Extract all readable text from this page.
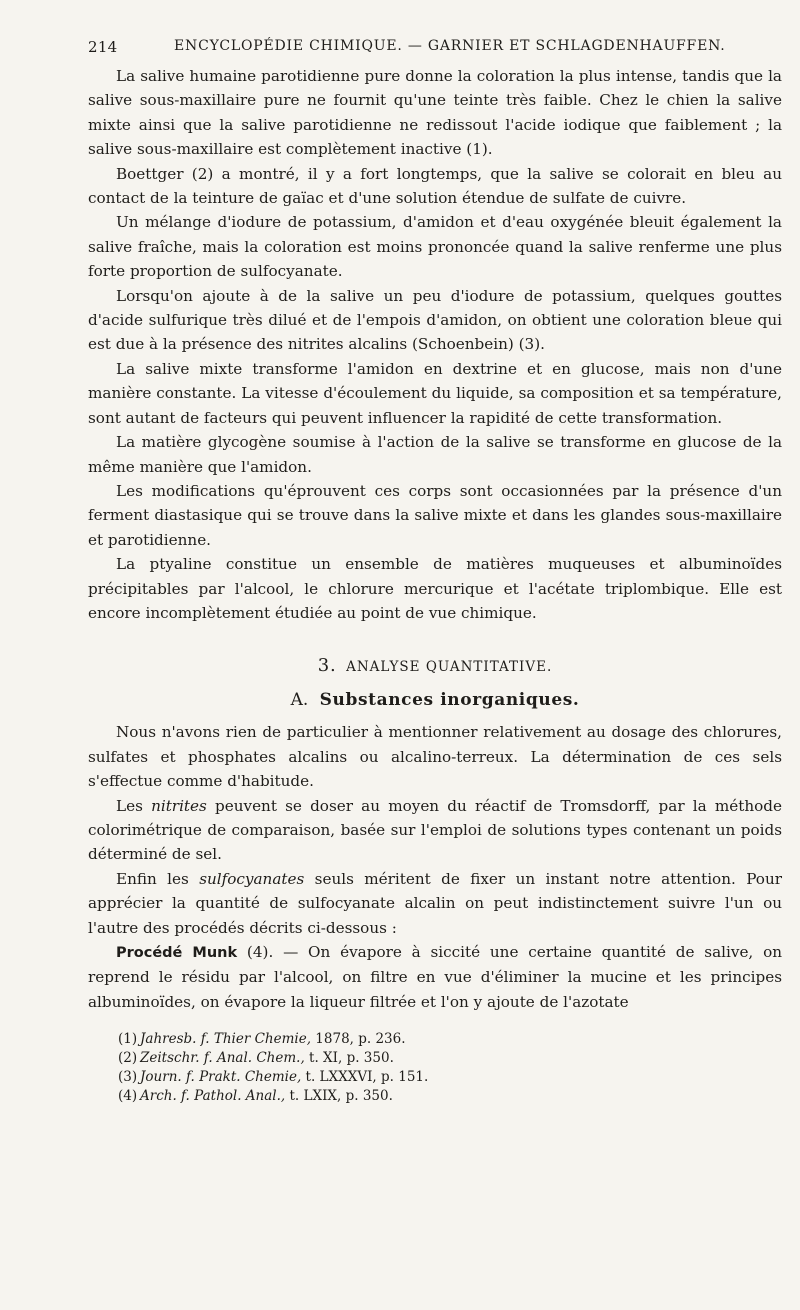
214	ENCYCLOPÉDIE CHIMIQUE. — GARNIER ET SCHLAGDENHAUFFEN.

La salive humaine parotidienne pure donne la coloration la plus intense, tandis que la salive sous-maxillaire pure ne fournit qu'une teinte très faible. Chez le chien la salive mixte ainsi que la salive parotidienne ne redissout l'acide iodique que faiblement ; la salive sous-maxillaire est complètement inactive (1).

Boettger (2) a montré, il y a fort longtemps, que la salive se colorait en bleu au contact de la teinture de gaïac et d'une solution étendue de sulfate de cuivre.

Un mélange d'iodure de potassium, d'amidon et d'eau oxygénée bleuit également la salive fraîche, mais la coloration est moins prononcée quand la salive renferme une plus forte proportion de sulfocyanate.

Lorsqu'on ajoute à de la salive un peu d'iodure de potassium, quelques gouttes d'acide sulfurique très dilué et de l'empois d'amidon, on obtient une coloration bleue qui est due à la présence des nitrites alcalins (Schoenbein) (3).

La salive mixte transforme l'amidon en dextrine et en glucose, mais non d'une manière constante. La vitesse d'écoulement du liquide, sa composition et sa température, sont autant de facteurs qui peuvent influencer la rapidité de cette transformation.

La matière glycogène soumise à l'action de la salive se transforme en glucose de la même manière que l'amidon.

Les modifications qu'éprouvent ces corps sont occasionnées par la présence d'un ferment diastasique qui se trouve dans la salive mixte et dans les glandes sous-maxillaire et parotidienne.

La ptyaline constitue un ensemble de matières muqueuses et albuminoïdes précipitables par l'alcool, le chlorure mercurique et l'acétate triplombique. Elle est encore incomplètement étudiée au point de vue chimique.

3. ANALYSE QUANTITATIVE.
A. Substances inorganiques.

Nous n'avons rien de particulier à mentionner relativement au dosage des chlorures, sulfates et phosphates alcalins ou alcalino-terreux. La détermination de ces sels s'effectue comme d'habitude.

Les nitrites peuvent se doser au moyen du réactif de Tromsdorff, par la méthode colorimétrique de comparaison, basée sur l'emploi de solutions types contenant un poids déterminé de sel.

Enfin les sulfocyanates seuls méritent de fixer un instant notre attention. Pour apprécier la quantité de sulfocyanate alcalin on peut indistinctement suivre l'un ou l'autre des procédés décrits ci-dessous :

Procédé Munk (4). — On évapore à siccité une certaine quantité de salive, on reprend le résidu par l'alcool, on filtre en vue d'éliminer la mucine et les principes albuminoïdes, on évapore la liqueur filtrée et l'on y ajoute de l'azotate

(1) Jahresb. f. Thier Chemie, 1878, p. 236.
(2) Zeitschr. f. Anal. Chem., t. XI, p. 350.
(3) Journ. f. Prakt. Chemie, t. LXXXVI, p. 151.
(4) Arch. f. Pathol. Anal., t. LXIX, p. 350.
